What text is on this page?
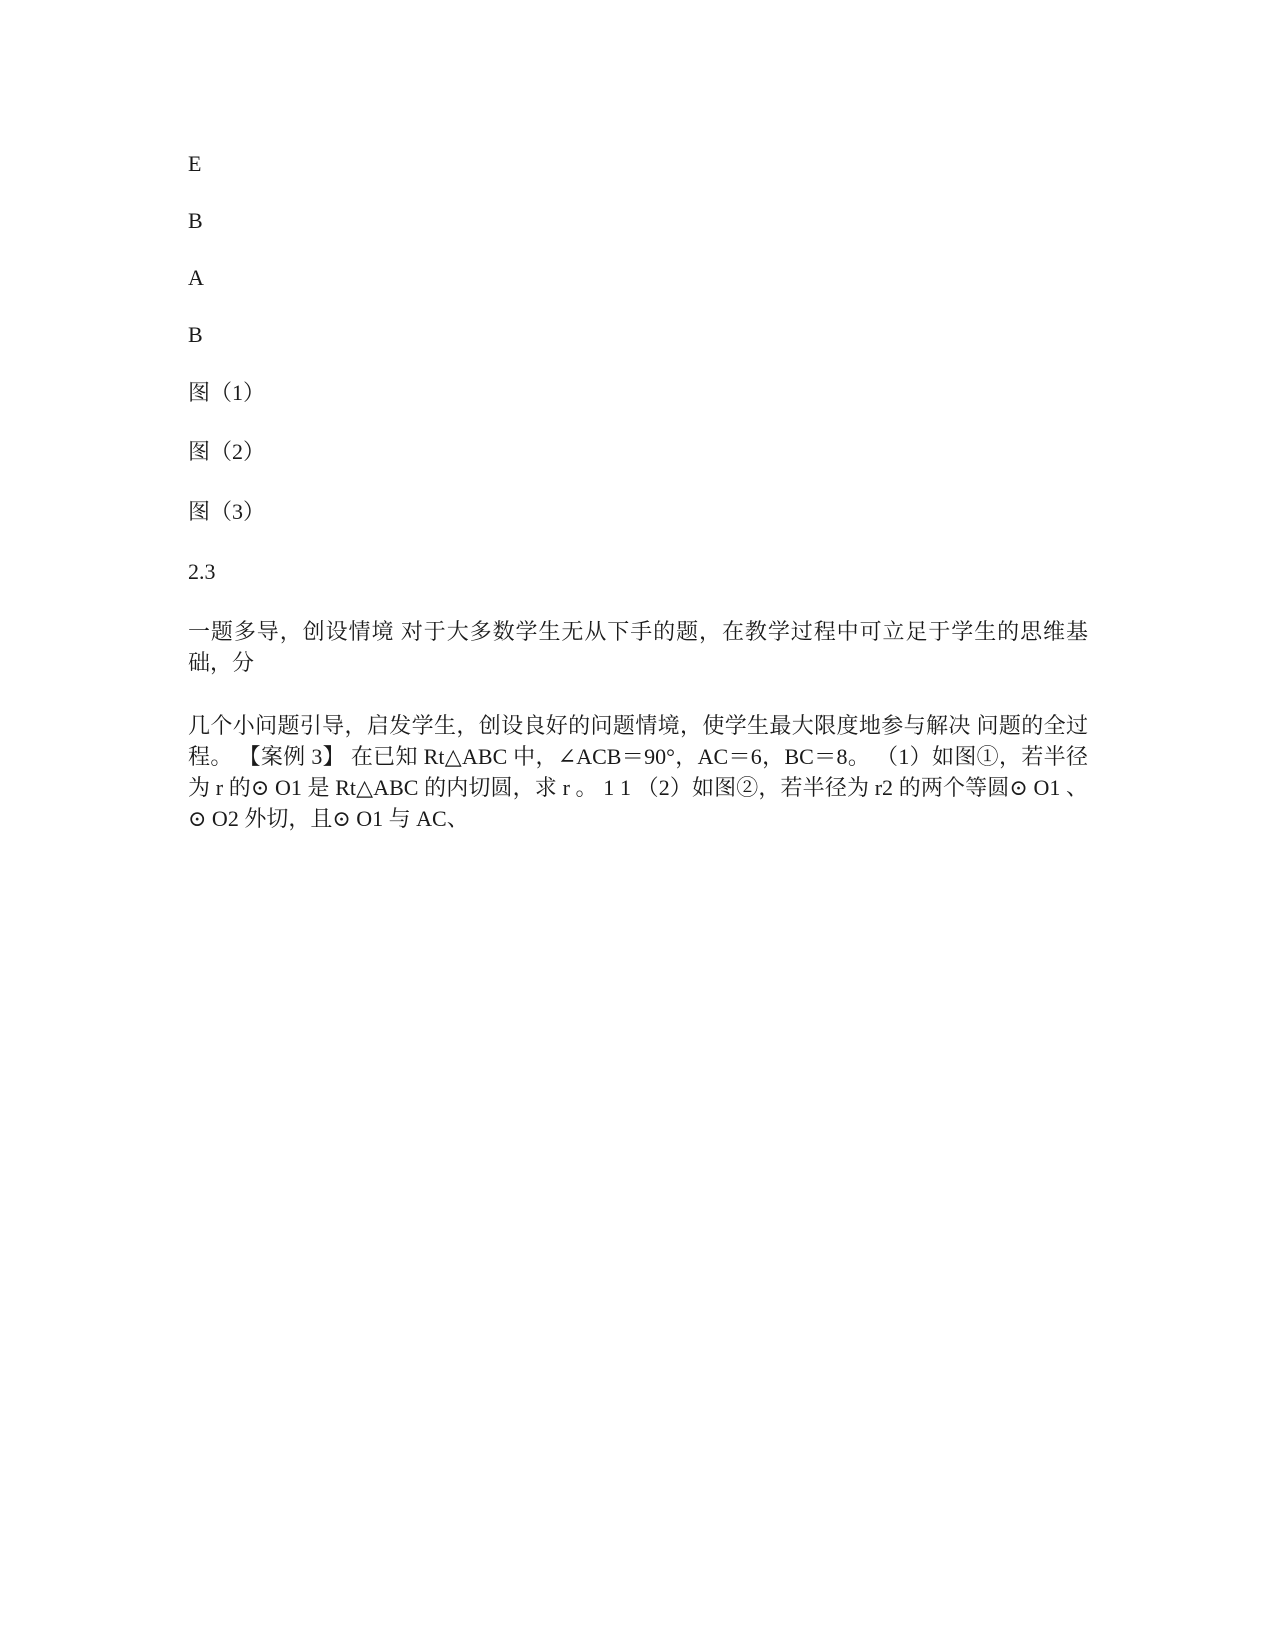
E
B
A
B
图（1）
图（2）
图（3）
2.3
一题多导，创设情境 对于大多数学生无从下手的题，在教学过程中可立足于学生的思维基础，分
几个小问题引导，启发学生，创设良好的问题情境，使学生最大限度地参与解决 问题的全过程。 【案例 3】 在已知 Rt△ABC 中，∠ACB＝90°，AC＝6，BC＝8。 （1）如图①，若半径为 r 的⊙ O1 是 Rt△ABC 的内切圆，求 r 。 1 1 （2）如图②，若半径为 r2 的两个等圆⊙ O1 、⊙ O2 外切，且⊙ O1 与 AC、
